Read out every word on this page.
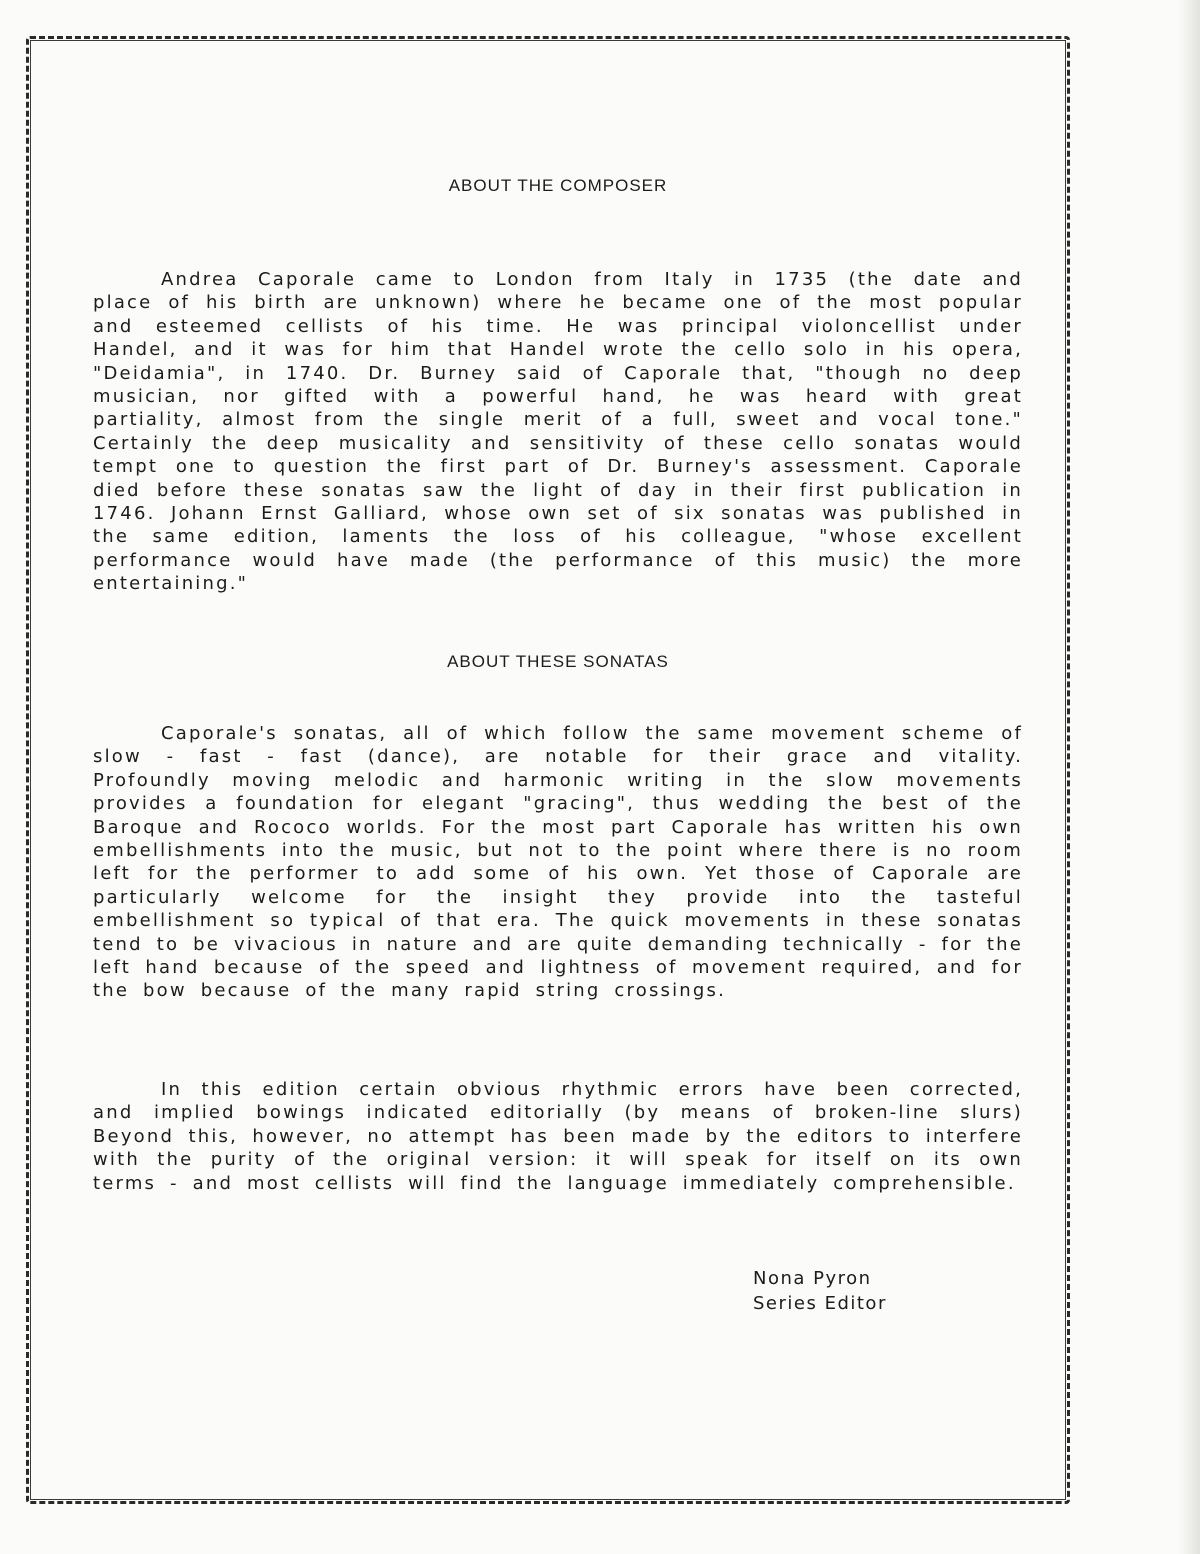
ABOUT THE COMPOSER

Andrea Caporale came to London from Italy in 1735 (the date and place of his birth are unknown) where he became one of the most popular and esteemed cellists of his time. He was principal violoncellist under Handel, and it was for him that Handel wrote the cello solo in his opera, "Deidamia", in 1740. Dr. Burney said of Caporale that, "though no deep musician, nor gifted with a powerful hand, he was heard with great partiality, almost from the single merit of a full, sweet and vocal tone." Certainly the deep musicality and sensitivity of these cello sonatas would tempt one to question the first part of Dr. Burney's assessment. Caporale died before these sonatas saw the light of day in their first publication in 1746. Johann Ernst Galliard, whose own set of six sonatas was published in the same edition, laments the loss of his colleague, "whose excellent performance would have made (the performance of this music) the more entertaining."

ABOUT THESE SONATAS

Caporale's sonatas, all of which follow the same movement scheme of slow - fast - fast (dance), are notable for their grace and vitality. Profoundly moving melodic and harmonic writing in the slow movements provides a foundation for elegant "gracing", thus wedding the best of the Baroque and Rococo worlds. For the most part Caporale has written his own embellishments into the music, but not to the point where there is no room left for the performer to add some of his own. Yet those of Caporale are particularly welcome for the insight they provide into the tasteful embellishment so typical of that era. The quick movements in these sonatas tend to be vivacious in nature and are quite demanding technically - for the left hand because of the speed and lightness of movement required, and for the bow because of the many rapid string crossings.

In this edition certain obvious rhythmic errors have been corrected, and implied bowings indicated editorially (by means of broken-line slurs) Beyond this, however, no attempt has been made by the editors to interfere with the purity of the original version: it will speak for itself on its own terms - and most cellists will find the language immediately comprehensible.

Nona Pyron
Series Editor
